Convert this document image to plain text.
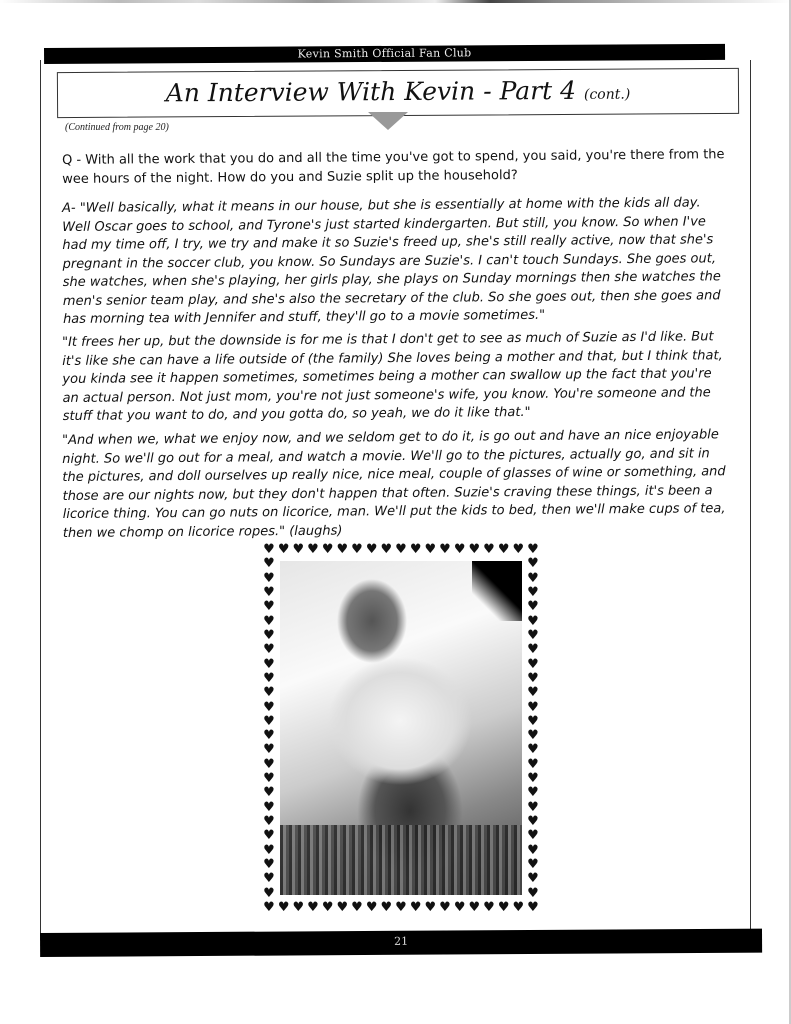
Kevin Smith Official Fan Club
An Interview With Kevin - Part 4 (cont.)
(Continued from page 20)

Q - With all the work that you do and all the time you've got to spend, you said, you're there from the wee hours of the night. How do you and Suzie split up the household?

A- "Well basically, what it means in our house, but she is essentially at home with the kids all day. Well Oscar goes to school, and Tyrone's just started kindergarten. But still, you know. So when I've had my time off, I try, we try and make it so Suzie's freed up, she's still really active, now that she's pregnant in the soccer club, you know. So Sundays are Suzie's. I can't touch Sundays. She goes out, she watches, when she's playing, her girls play, she plays on Sunday mornings then she watches the men's senior team play, and she's also the secretary of the club. So she goes out, then she goes and has morning tea with Jennifer and stuff, they'll go to a movie sometimes."

"It frees her up, but the downside is for me is that I don't get to see as much of Suzie as I'd like. But it's like she can have a life outside of (the family) She loves being a mother and that, but I think that, you kinda see it happen sometimes, sometimes being a mother can swallow up the fact that you're an actual person. Not just mom, you're not just someone's wife, you know. You're someone and the stuff that you want to do, and you gotta do, so yeah, we do it like that."

"And when we, what we enjoy now, and we seldom get to do it, is go out and have an nice enjoyable night. So we'll go out for a meal, and watch a movie. We'll go to the pictures, actually go, and sit in the pictures, and doll ourselves up really nice, nice meal, couple of glasses of wine or something, and those are our nights now, but they don't happen that often. Suzie's craving these things, it's been a licorice thing. You can go nuts on licorice, man. We'll put the kids to bed, then we'll make cups of tea, then we chomp on licorice ropes." (laughs)

♥
♥
♥
♥
♥
♥
♥
♥
♥
♥
♥
♥
♥
♥
♥
♥
♥
♥
♥
♥
♥
♥
♥
♥
♥
♥
♥
♥
♥
♥
♥
♥
♥
♥
♥
♥
♥
♥
♥	♥
♥	♥
♥	♥
♥	♥
♥	♥
♥	♥
♥	♥
♥	♥
♥	♥
♥	♥
♥	♥
♥	♥
♥	♥
♥	♥
♥	♥
♥	♥
♥	♥
♥	♥
♥	♥
♥	♥
♥	♥
♥	♥
♥	♥
♥	♥
21
